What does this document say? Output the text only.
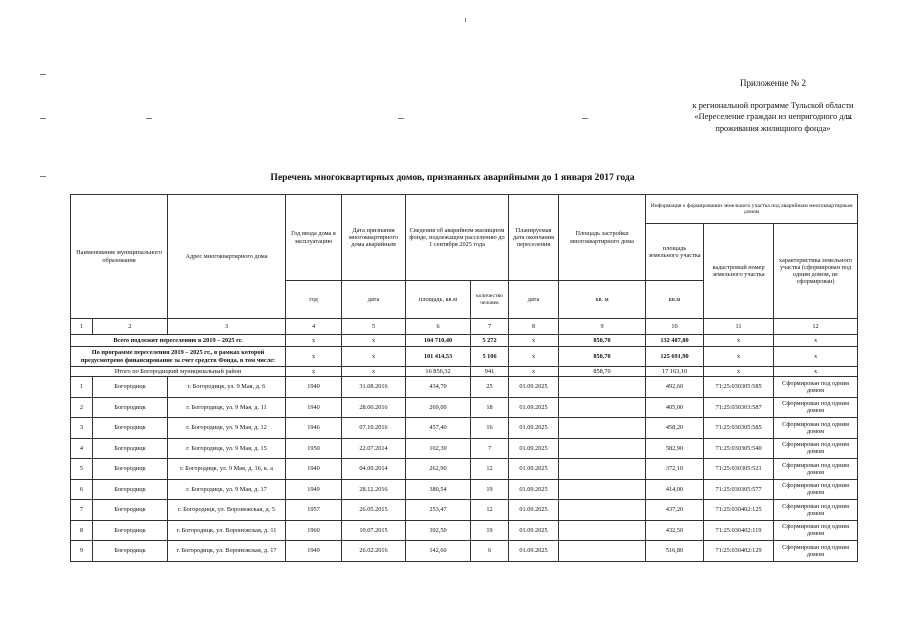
Приложение № 2
к региональной программе Тульской области «Переселение граждан из непригодного для проживания жилищного фонда»
Перечень многоквартирных домов, признанных аварийными до 1 января 2017 года
Наименование муниципального образования		Адрес многоквартирного дома	Год ввода дома в эксплуатацию	Дата признания многоквартирного дома аварийным	Сведения об аварийном жилищном фонде, подлежащем расселению до 1 сентября 2025 года		Планируемая дата окончания переселения	Площадь застройки многоквартирного дома	Информация о формировании земельного участка под аварийным многоквартирным домом		
									площадь земельного участка	кадастровый номер земельного участка	характеристика земельного участка (сформирован под одним домом, не сформирован)
			год	дата	площадь, кв.м	количество человек	дата	кв. м	кв.м		
1	2	3	4	5	6	7	8	9	10	11	12
Всего подлежит переселению в 2019 – 2025 гг.			х	х	104 710,40	5 272	х	858,70	132 487,80	х	х
По программе переселения 2019 – 2025 гг., в рамках которой предусмотрено финансирование за счет средств Фонда, в том числе:			х	х	101 414,53	5 106	х	858,70	125 691,90	х	х
Итого по Богородицкий муниципальный район			х	х	16 856,32	941	х	858,70	17 163,10	х	х
1	Богородицк	г. Богородицк, ул. 9 Мая, д. 6	1940	31.08.2016	434,70	25	01.09.2025		492,60	71:25:030305:585	Сформирован под одним домом
2	Богородицк	г. Богородицк, ул. 9 Мая, д. 11	1940	28.06.2016	269,00	18	01.09.2025		405,00	71:25:030303:587	Сформирован под одним домом
3	Богородицк	г. Богородицк, ул. 9 Мая, д. 12	1946	07.10.2016	457,40	16	01.09.2025		458,20	71:25:030305:585	Сформирован под одним домом
4	Богородицк	г. Богородицк, ул. 9 Мая, д. 15	1950	22.07.2014	102,30	7	01.09.2025		582,90	71:25:030305:540	Сформирован под одним домом
5	Богородицк	г. Богородицк, ул. 9 Мая, д. 16, к. а	1940	04.09.2014	262,90	12	01.09.2025		372,10	71:25:030305:521	Сформирован под одним домом
6	Богородицк	г. Богородицк, ул. 9 Мая, д. 17	1949	28.12.2016	380,54	19	01.09.2025		414,00	71:25:030305:577	Сформирован под одним домом
7	Богородицк	г. Богородицк, ул. Воронежская, д. 5	1957	26.05.2015	253,47	12	01.09.2025		437,20	71:25:030402:125	Сформирован под одним домом
8	Богородицк	г. Богородицк, ул. Воронежская, д. 11	1960	10.07.2015	392,50	19	01.09.2025		432,50	71:25:030402:119	Сформирован под одним домом
9	Богородицк	г. Богородицк, ул. Воронежская, д. 17	1949	26.02.2016	142,60	6	01.09.2025		516,80	71:25:030402:129	Сформирован под одним домом
